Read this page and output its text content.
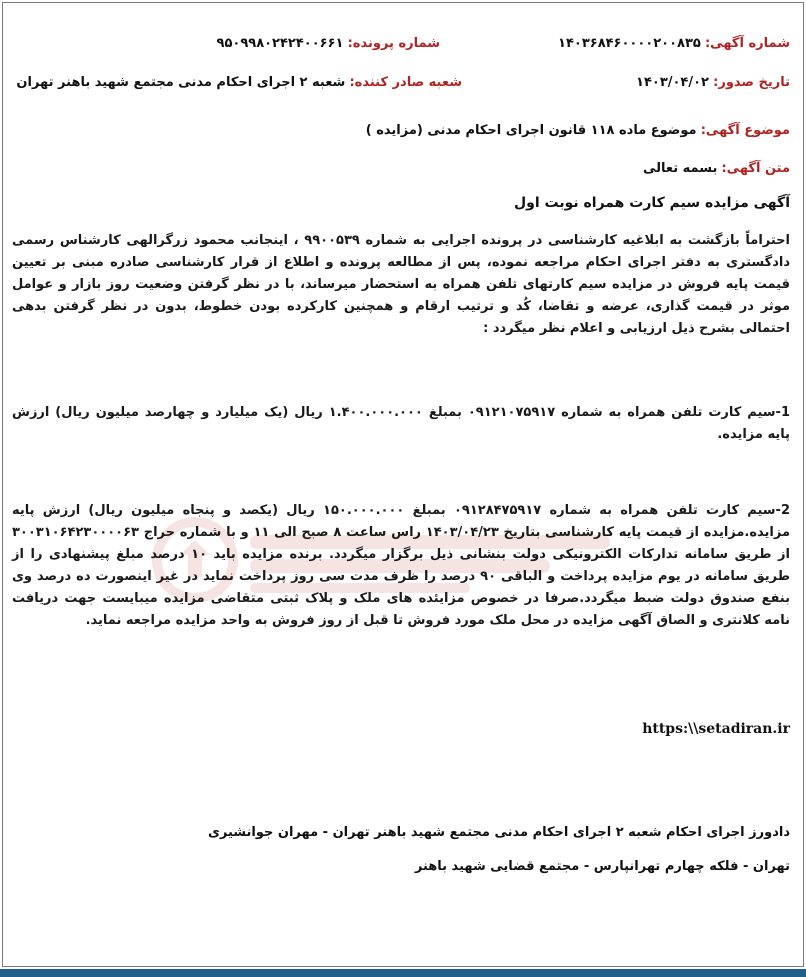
شماره آگهی: ۱۴۰۳۶۸۴۶۰۰۰۰۲۰۰۸۳۵
شماره پرونده: ۹۵۰۹۹۸۰۲۴۲۴۰۰۶۶۱
تاریخ صدور: ۱۴۰۳/۰۴/۰۲
شعبه صادر کننده: شعبه ۲ اجرای احکام مدنی مجتمع شهید باهنر تهران
موضوع آگهی: موضوع ماده ۱۱۸ قانون اجرای احکام مدنی (مزایده )
متن آگهی: بسمه تعالی
آگهی مزایده سیم کارت همراه نوبت اول
احتراماً بازگشت به ابلاغیه کارشناسی در پرونده اجرایی به شماره ۹۹۰۰۵۳۹ ، اینجانب محمود زرگرالهی کارشناس رسمی دادگستری به دفتر اجرای احکام مراجعه نموده، پس از مطالعه پرونده و اطلاع از قرار کارشناسی صادره مبنی بر تعیین قیمت پایه فروش در مزایده سیم کارتهای تلفن همراه به استحضار میرساند، با در نظر گرفتن وضعیت روز بازار و عوامل موثر در قیمت گذاری، عرضه و تقاضا، کُد و ترتیب ارقام و همچنین کارکرده بودن خطوط، بدون در نظر گرفتن بدهی احتمالی بشرح ذیل ارزیابی و اعلام نظر میگردد :
1-سیم کارت تلفن همراه به شماره ۰۹۱۲۱۰۷۵۹۱۷ بمبلغ ۱.۴۰۰.۰۰۰.۰۰۰ ریال (یک میلیارد و چهارصد میلیون ریال) ارزش پایه مزایده.
2-سیم کارت تلفن همراه به شماره ۰۹۱۲۸۴۷۵۹۱۷ بمبلغ ۱۵۰.۰۰۰.۰۰۰ ریال (یکصد و پنجاه میلیون ریال) ارزش پایه مزایده.مزایده از قیمت پایه کارشناسی بتاریخ ۱۴۰۳/۰۴/۲۳ راس ساعت ۸ صبح الی ۱۱ و با شماره حراج ۳۰۰۳۱۰۶۴۲۳۰۰۰۰۶۳ از طریق سامانه تدارکات الکترونیکی دولت بنشانی ذیل برگزار میگردد. برنده مزایده باید ۱۰ درصد مبلغ پیشنهادی را از طریق سامانه در یوم مزایده پرداخت و الباقی ۹۰ درصد را ظرف مدت سی روز پرداخت نماید در غیر اینصورت ده درصد وی بنفع صندوق دولت ضبط میگردد.صرفا در خصوص مزایئده های ملک و پلاک ثبتی متقاضی مزایده میبایست جهت دریافت نامه کلانتری و الصاق آگهی مزایده در محل ملک مورد فروش تا قبل از روز فروش به واحد مزایده مراجعه نماید.
https:\\setadiran.ir
دادورز اجرای احکام شعبه ۲ اجرای احکام مدنی مجتمع شهید باهنر تهران - مهران جوانشیری
تهران - فلکه چهارم تهرانپارس - مجتمع قضایی شهید باهنر
